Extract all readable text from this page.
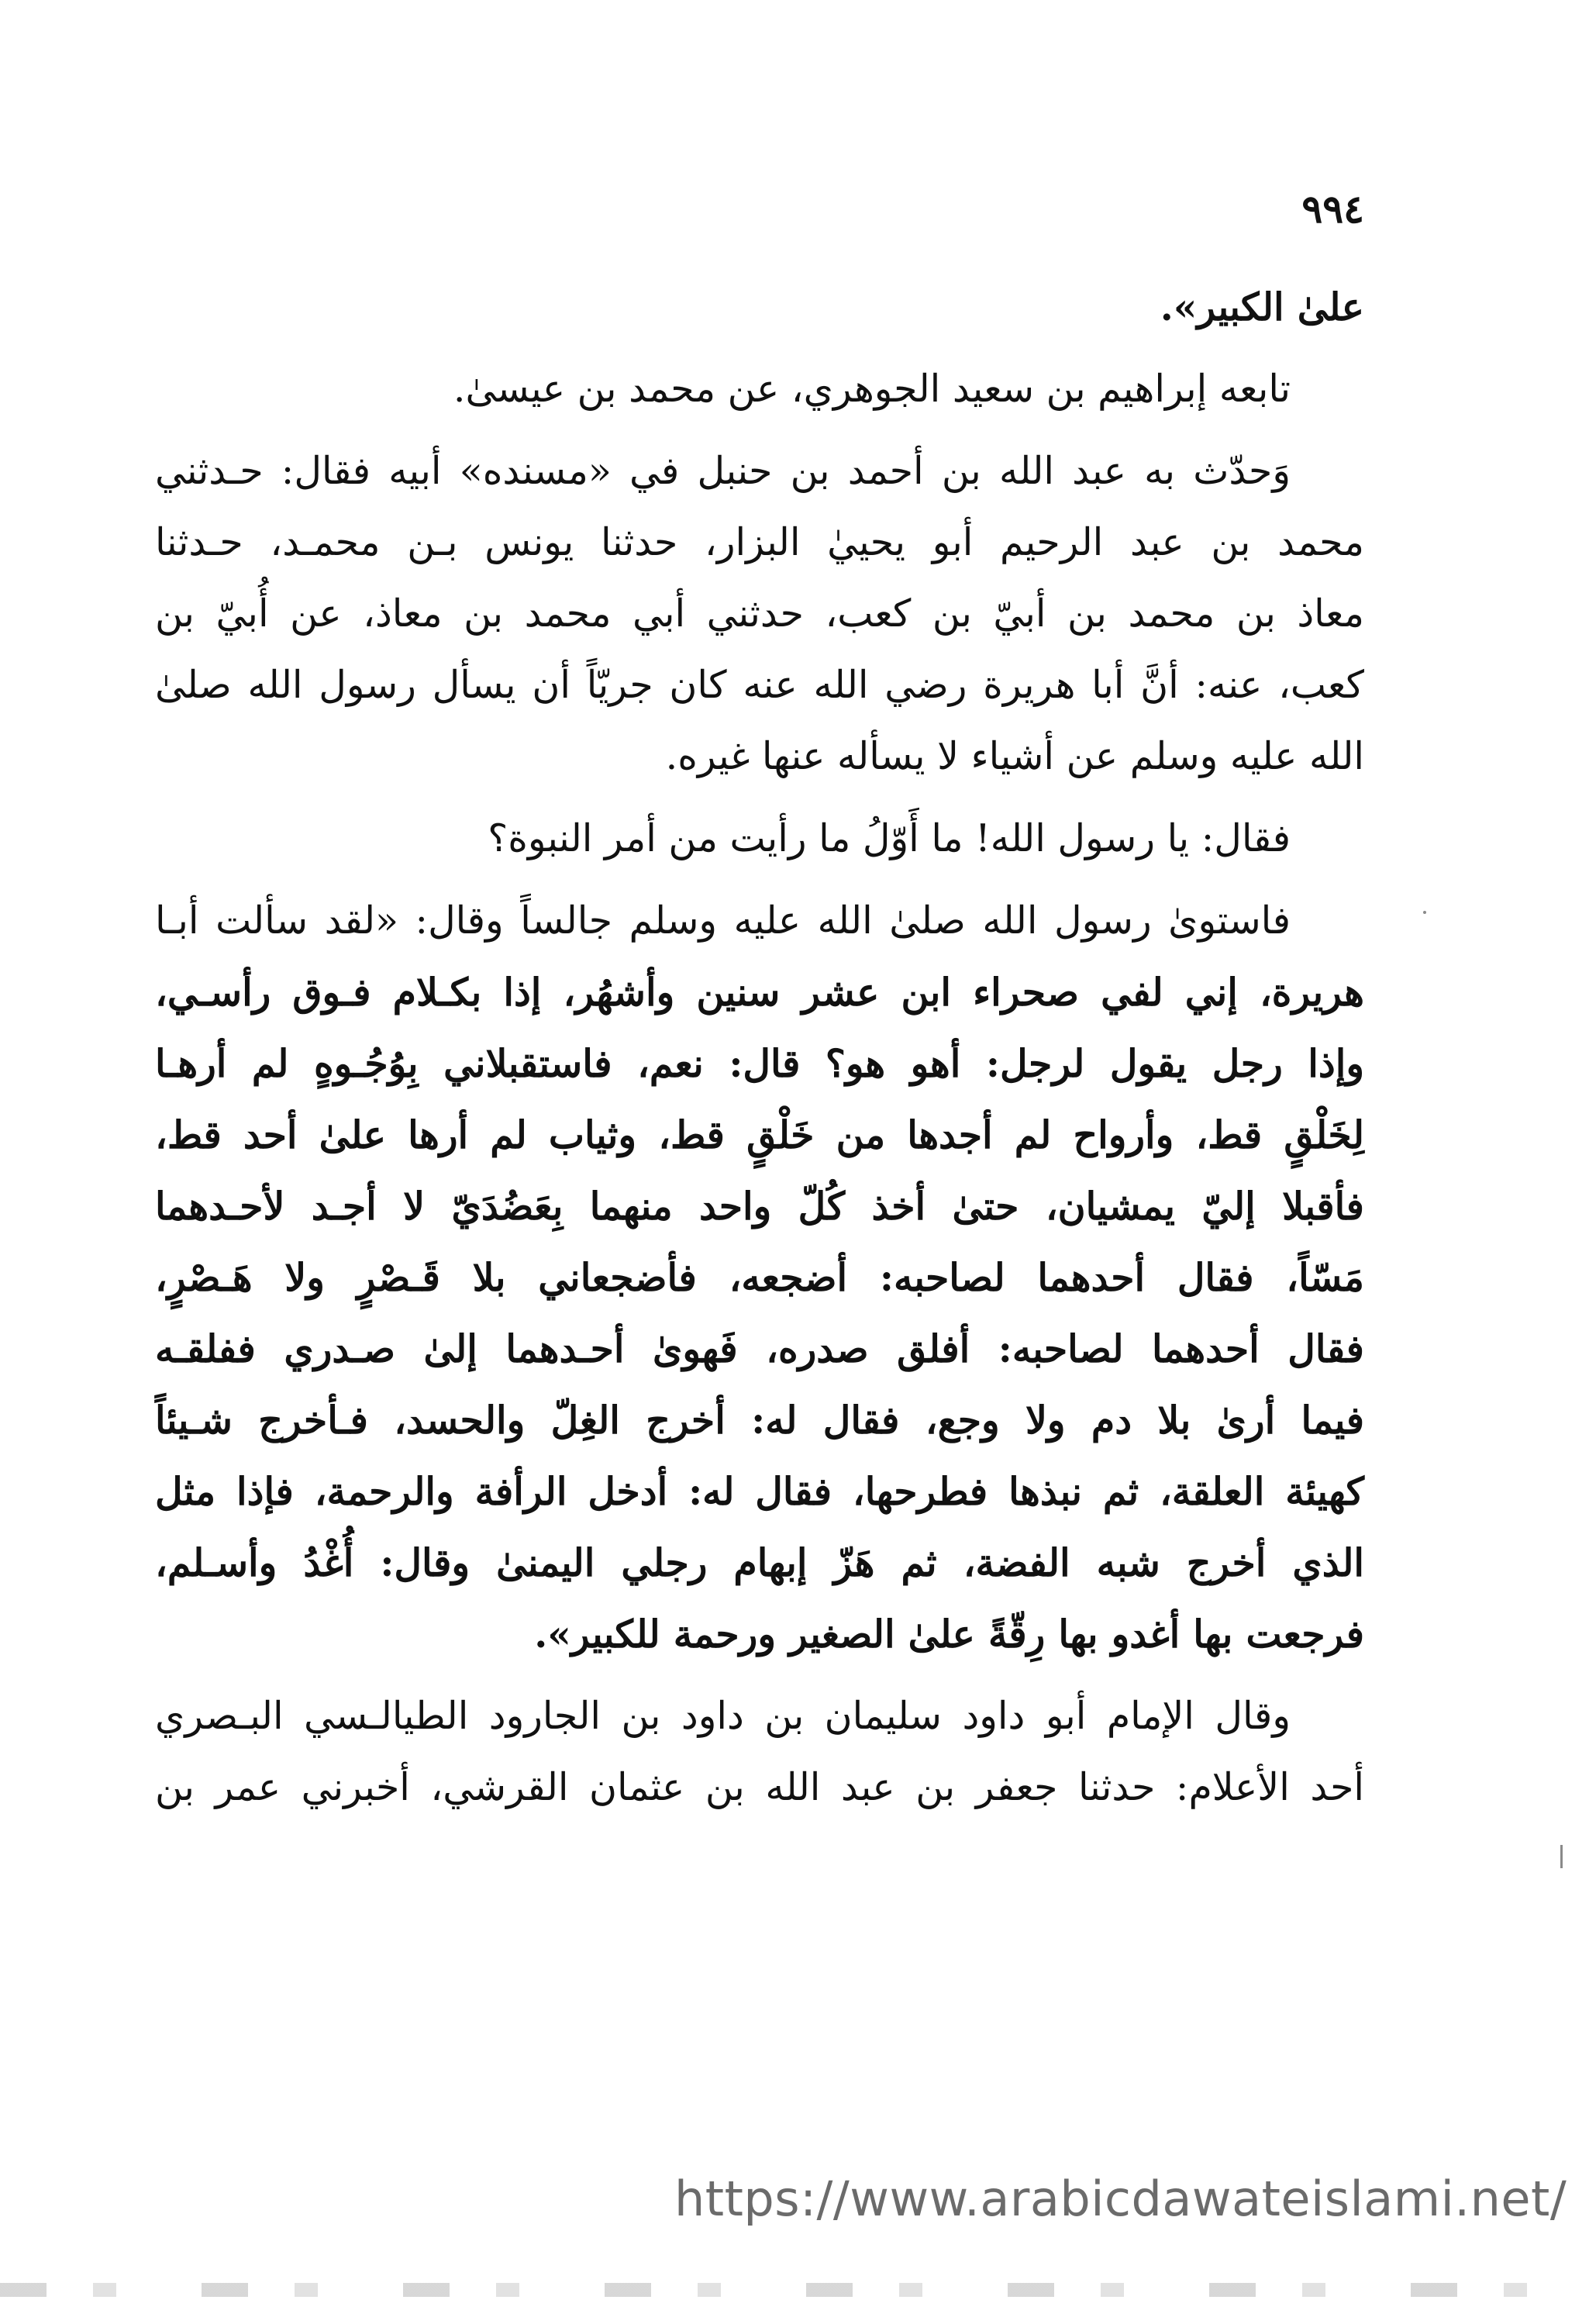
٩٩٤

علىٰ الكبير».

تابعه إبراهيم بن سعيد الجوهري، عن محمد بن عيسىٰ.

وَحدّث به عبد الله بن أحمد بن حنبل في «مسنده» أبيه فقال: حـدثني
محمد بن عبد الرحيم أبو يحييٰ البزار، حدثنا يونس بـن محمـد، حـدثنا
معاذ بن محمد بن أبيّ بن كعب، حدثني أبي محمد بن معاذ، عن أُبيّ بن
كعب، عنه: أنَّ أبا هريرة رضي الله عنه كان جريّاً أن يسأل رسول الله صلىٰ
الله عليه وسلم عن أشياء لا يسأله عنها غيره.

فقال: يا رسول الله! ما أَوّلُ ما رأيت من أمر النبوة؟

فاستوىٰ رسول الله صلىٰ الله عليه وسلم جالساً وقال: «لقد سألت أبـا
هريرة، إني لفي صحراء ابن عشر سنين وأشهُر، إذا بكـلام فـوق رأسـي،
وإذا رجل يقول لرجل: أهو هو؟ قال: نعم، فاستقبلاني بِوُجُـوهٍ لم أرهـا
لِخَلْقٍ قط، وأرواح لم أجدها من خَلْقٍ قط، وثياب لم أرها علىٰ أحد قط،
فأقبلا إليّ يمشيان، حتىٰ أخذ كُلّ واحد منهما بِعَضُدَيّ لا أجـد لأحـدهما
مَسّاً، فقال أحدهما لصاحبه: أضجعه، فأضجعاني بلا قَـصْرٍ ولا هَـصْرٍ،
فقال أحدهما لصاحبه: أفلق صدره، فَهوىٰ أحـدهما إلىٰ صـدري ففلقـه
فيما أرىٰ بلا دم ولا وجع، فقال له: أخرج الغِلّ والحسد، فـأخرج شـيئاً
كهيئة العلقة، ثم نبذها فطرحها، فقال له: أدخل الرأفة والرحمة، فإذا مثل
الذي أخرج شبه الفضة، ثم هَزّ إبهام رجلي اليمنىٰ وقال: أُغْدُ وأسـلم،
فرجعت بها أغدو بها رِقّةً علىٰ الصغير ورحمة للكبير».

وقال الإمام أبو داود سليمان بن داود بن الجارود الطيالـسي البـصري
أحد الأعلام: حدثنا جعفر بن عبد الله بن عثمان القرشي، أخبرني عمر بن

https://www.arabicdawateislami.net/
